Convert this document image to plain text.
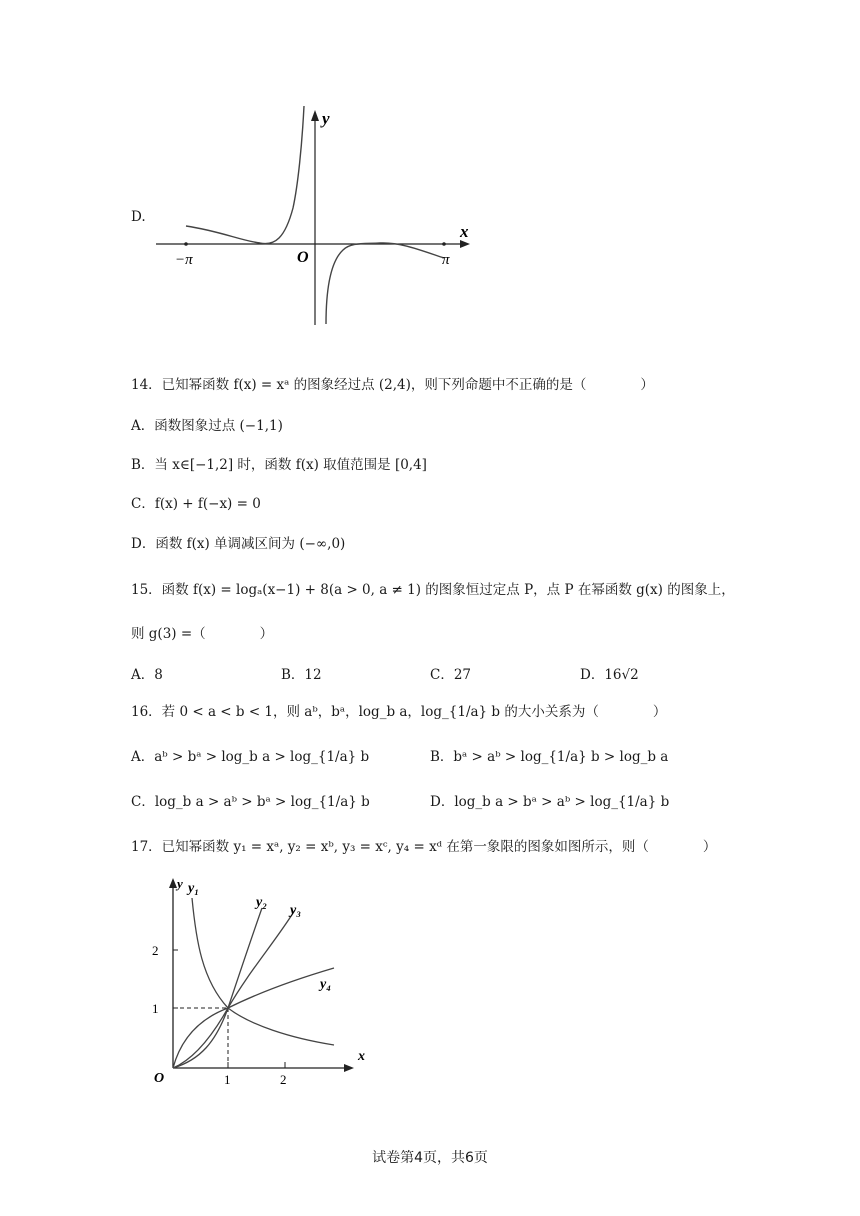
D.
x
y
O
−π	π
14．已知幂函数 f(x) = xᵃ 的图象经过点 (2,4)，则下列命题中不正确的是（　　　　）
A．函数图象过点 (−1,1)
B．当 x∈[−1,2] 时，函数 f(x) 取值范围是 [0,4]
C．f(x) + f(−x) = 0
D．函数 f(x) 单调减区间为 (−∞,0)
15．函数 f(x) = logₐ(x−1) + 8(a > 0, a ≠ 1) 的图象恒过定点 P，点 P 在幂函数 g(x) 的图象上，
则 g(3) =（　　　　）
A．8	B．12	C．27	D．16√2
16．若 0 < a < b < 1，则 aᵇ，bᵃ，log_b a，log_{1/a} b 的大小关系为（　　　　）
A．aᵇ > bᵃ > log_b a > log_{1/a} b	B．bᵃ > aᵇ > log_{1/a} b > log_b a
C．log_b a > aᵇ > bᵃ > log_{1/a} b	D．log_b a > bᵃ > aᵇ > log_{1/a} b
17．已知幂函数 y₁ = xᵃ, y₂ = xᵇ, y₃ = xᶜ, y₄ = xᵈ 在第一象限的图象如图所示，则（　　　　）
y₁
y₂
y₃
y₄
y
x
O	1	2
1
2
试卷第4页，共6页
